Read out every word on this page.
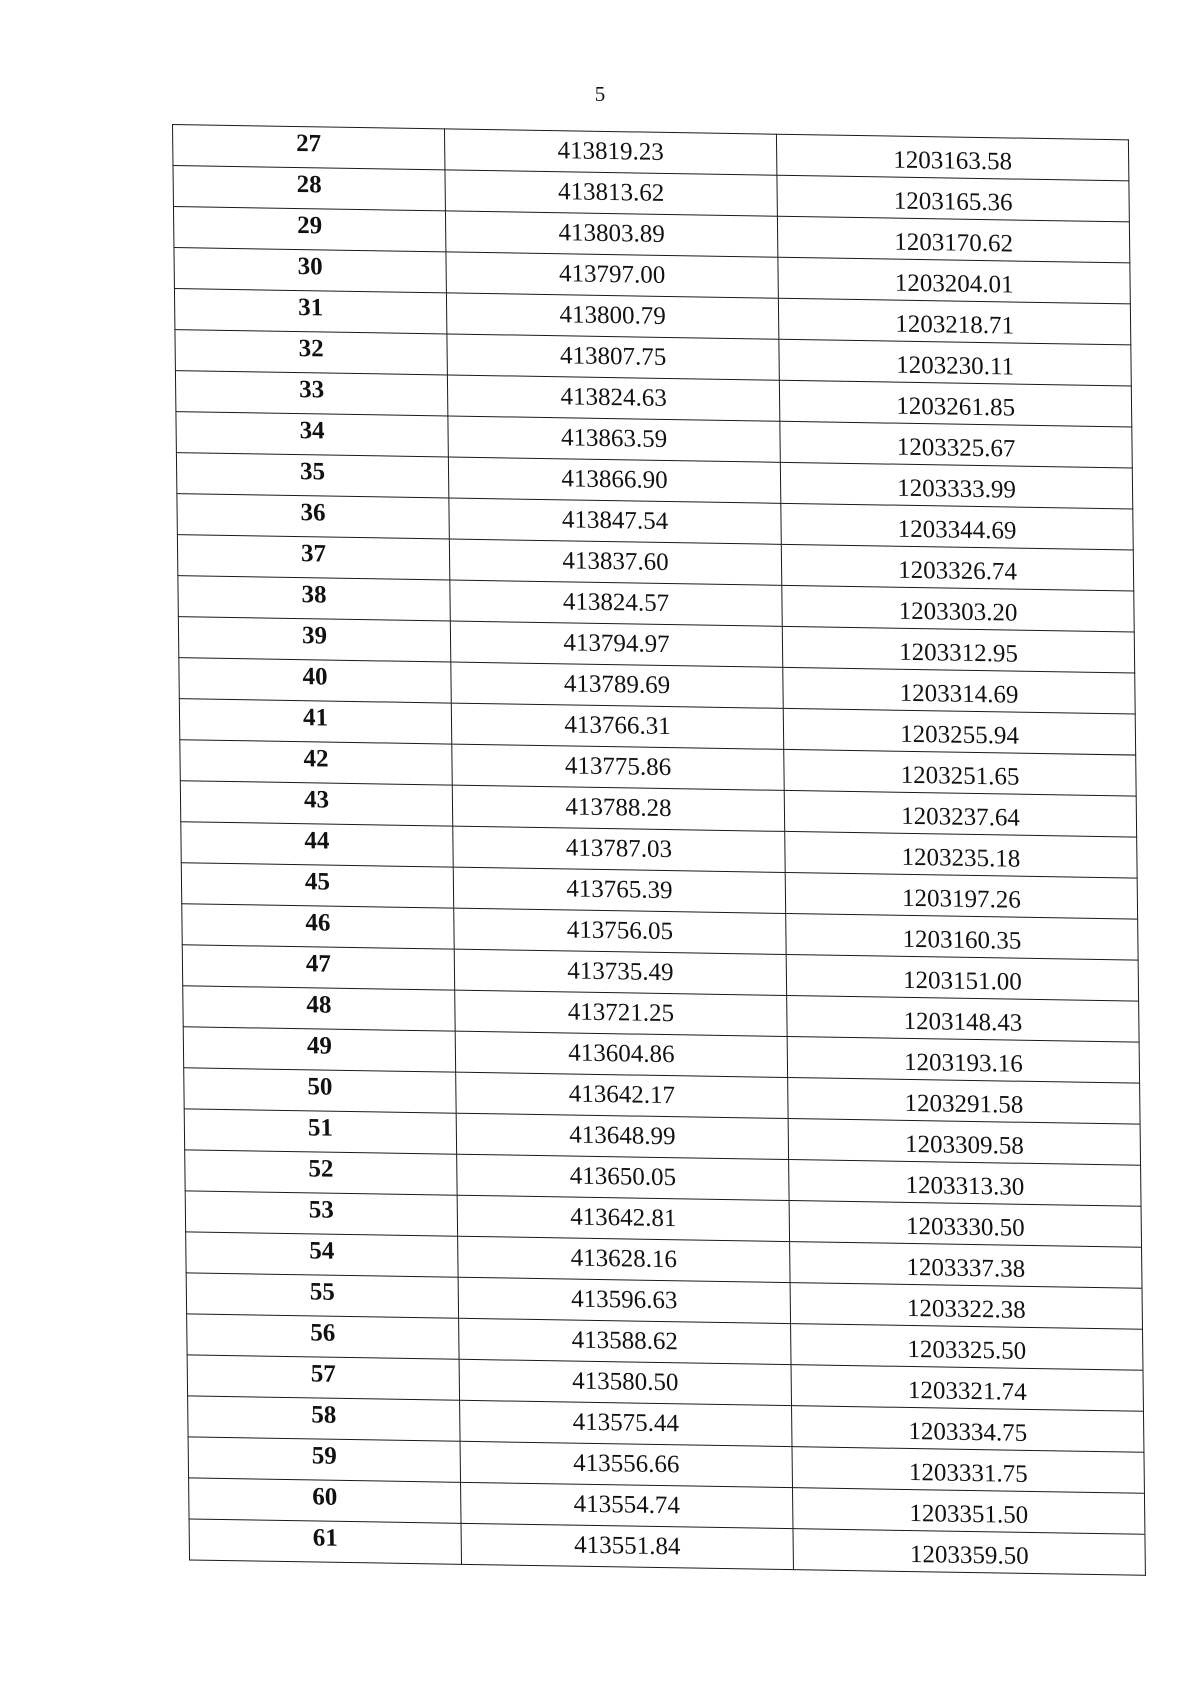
5
27	413819.23	1203163.58
28	413813.62	1203165.36
29	413803.89	1203170.62
30	413797.00	1203204.01
31	413800.79	1203218.71
32	413807.75	1203230.11
33	413824.63	1203261.85
34	413863.59	1203325.67
35	413866.90	1203333.99
36	413847.54	1203344.69
37	413837.60	1203326.74
38	413824.57	1203303.20
39	413794.97	1203312.95
40	413789.69	1203314.69
41	413766.31	1203255.94
42	413775.86	1203251.65
43	413788.28	1203237.64
44	413787.03	1203235.18
45	413765.39	1203197.26
46	413756.05	1203160.35
47	413735.49	1203151.00
48	413721.25	1203148.43
49	413604.86	1203193.16
50	413642.17	1203291.58
51	413648.99	1203309.58
52	413650.05	1203313.30
53	413642.81	1203330.50
54	413628.16	1203337.38
55	413596.63	1203322.38
56	413588.62	1203325.50
57	413580.50	1203321.74
58	413575.44	1203334.75
59	413556.66	1203331.75
60	413554.74	1203351.50
61	413551.84	1203359.50
